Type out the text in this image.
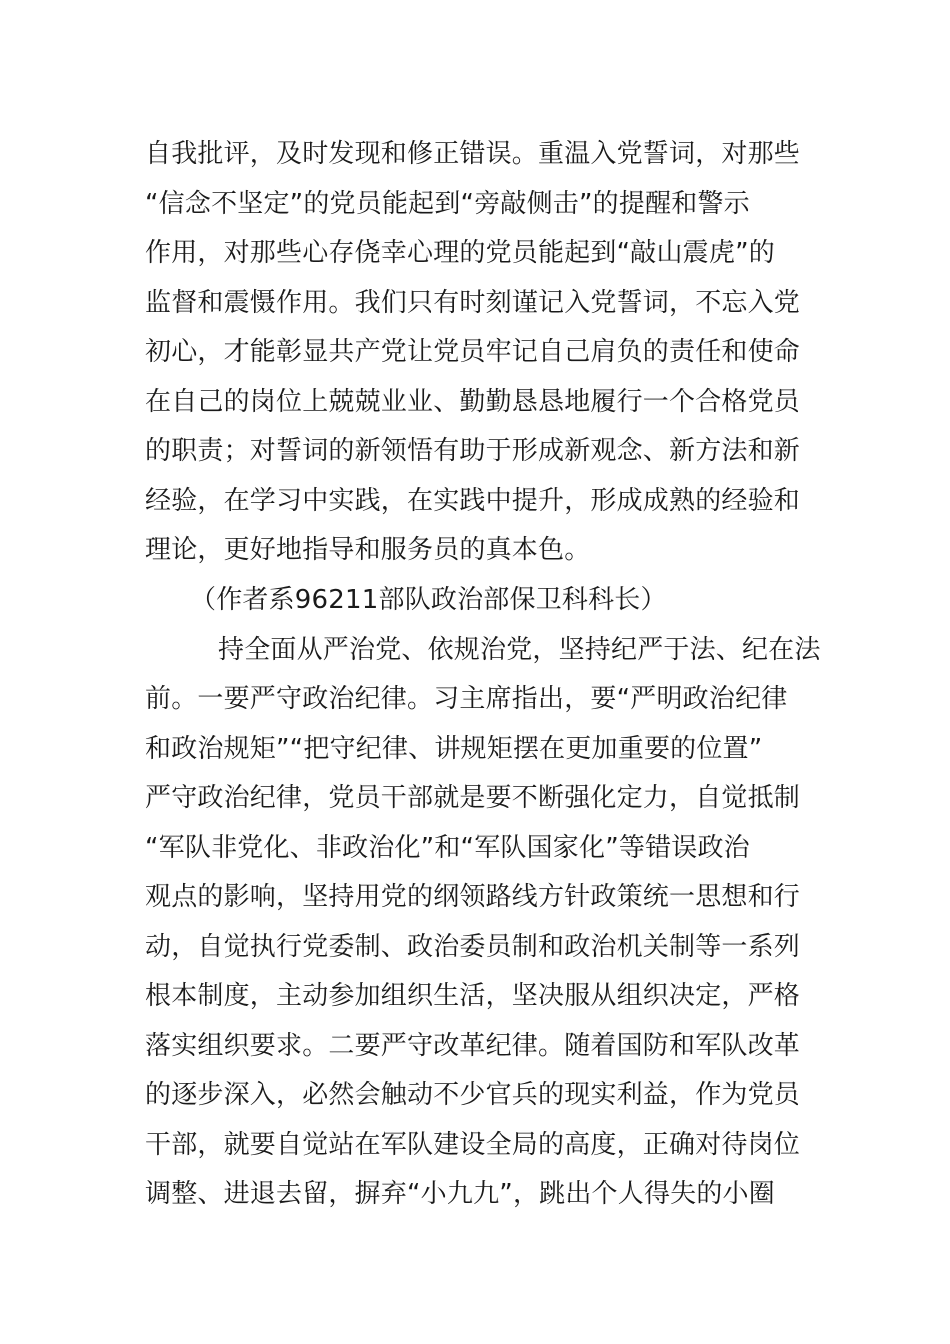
自我批评，及时发现和修正错误。重温入党誓词，对那些
“信念不坚定”的党员能起到“旁敲侧击”的提醒和警示
作用，对那些心存侥幸心理的党员能起到“敲山震虎”的
监督和震慑作用。我们只有时刻谨记入党誓词，不忘入党
初心，才能彰显共产党让党员牢记自己肩负的责任和使命
在自己的岗位上兢兢业业、勤勤恳恳地履行一个合格党员
的职责；对誓词的新领悟有助于形成新观念、新方法和新
经验，在学习中实践，在实践中提升，形成成熟的经验和
理论，更好地指导和服务员的真本色。
（作者系96211部队政治部保卫科科长）
持全面从严治党、依规治党，坚持纪严于法、纪在法
前。一要严守政治纪律。习主席指出，要“严明政治纪律
和政治规矩”“把守纪律、讲规矩摆在更加重要的位置”
严守政治纪律，党员干部就是要不断强化定力，自觉抵制
“军队非党化、非政治化”和“军队国家化”等错误政治
观点的影响，坚持用党的纲领路线方针政策统一思想和行
动，自觉执行党委制、政治委员制和政治机关制等一系列
根本制度，主动参加组织生活，坚决服从组织决定，严格
落实组织要求。二要严守改革纪律。随着国防和军队改革
的逐步深入，必然会触动不少官兵的现实利益，作为党员
干部，就要自觉站在军队建设全局的高度，正确对待岗位
调整、进退去留，摒弃“小九九”，跳出个人得失的小圈
